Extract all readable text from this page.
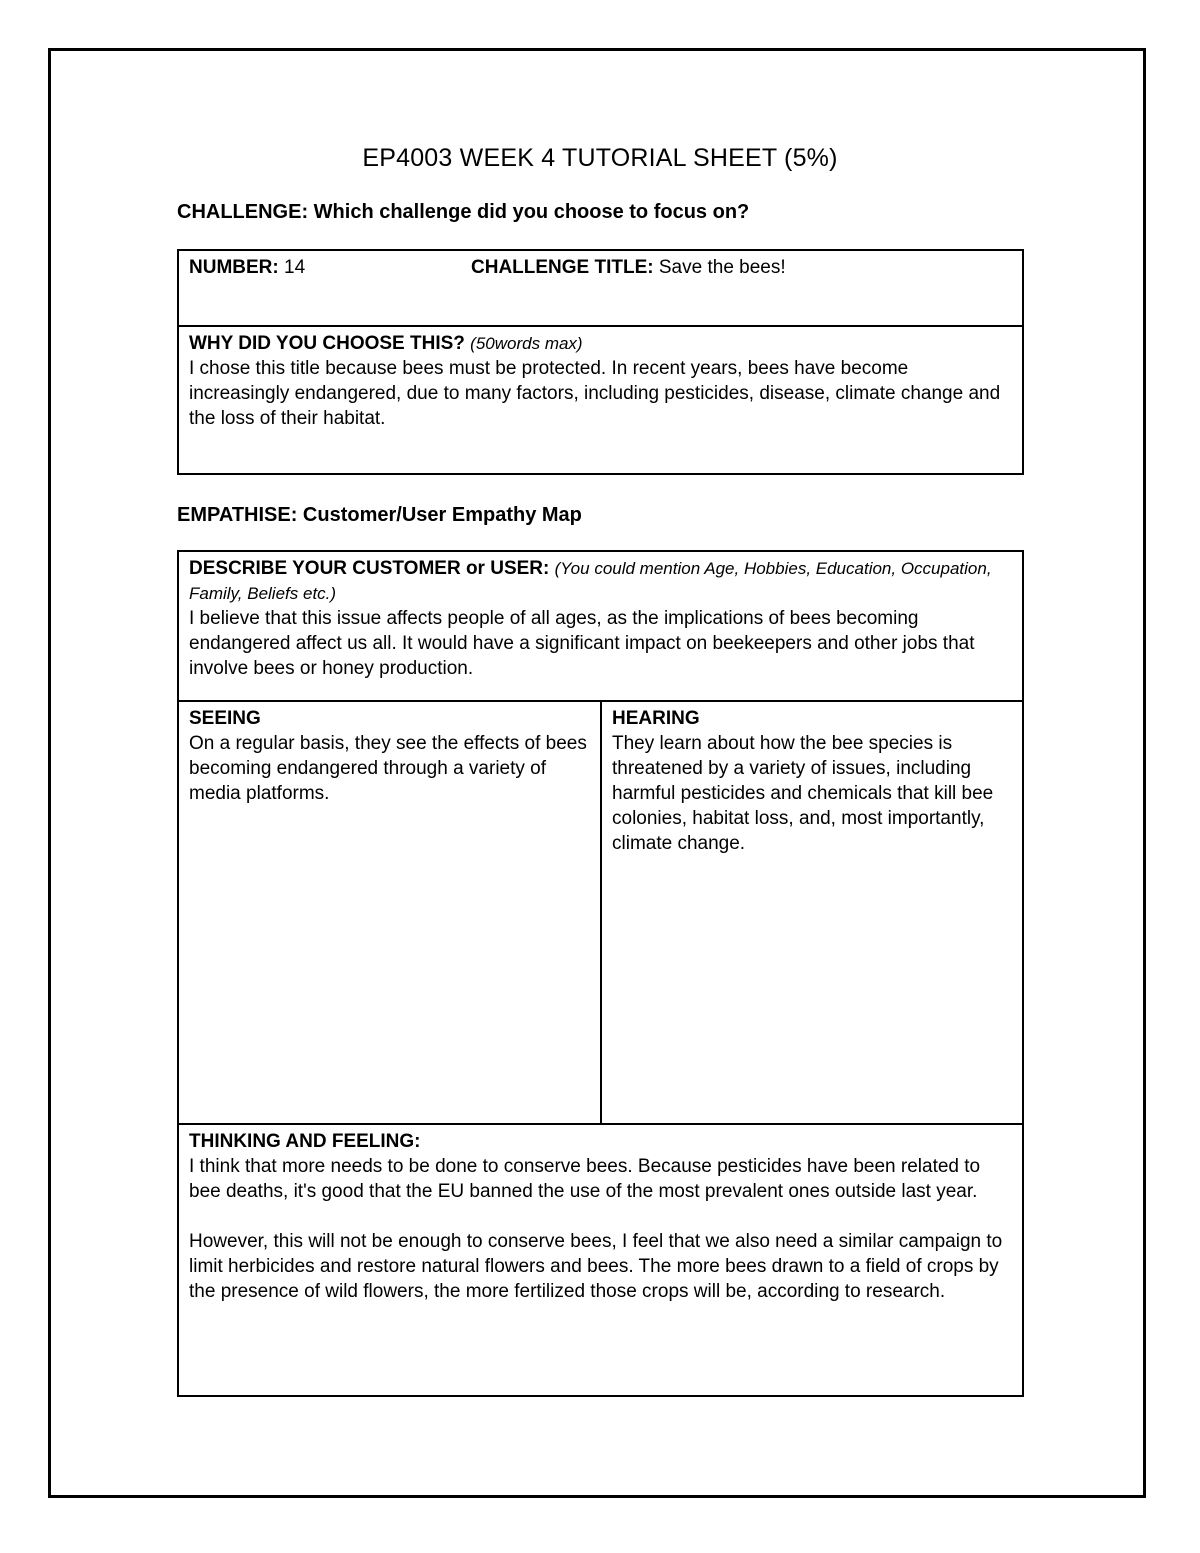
EP4003 WEEK 4 TUTORIAL SHEET (5%)
CHALLENGE: Which challenge did you choose to focus on?
NUMBER: 14	CHALLENGE TITLE: Save the bees!
WHY DID YOU CHOOSE THIS? (50words max)
I chose this title because bees must be protected. In recent years, bees have become increasingly endangered, due to many factors, including pesticides, disease, climate change and the loss of their habitat.
EMPATHISE: Customer/User Empathy Map
DESCRIBE YOUR CUSTOMER or USER: (You could mention Age, Hobbies, Education, Occupation, Family, Beliefs etc.)
I believe that this issue affects people of all ages, as the implications of bees becoming endangered affect us all. It would have a significant impact on beekeepers and other jobs that involve bees or honey production.
SEEING
On a regular basis, they see the effects of bees becoming endangered through a variety of media platforms.
HEARING
They learn about how the bee species is threatened by a variety of issues, including harmful pesticides and chemicals that kill bee colonies, habitat loss, and, most importantly, climate change.
THINKING AND FEELING:

I think that more needs to be done to conserve bees. Because pesticides have been related to bee deaths, it's good that the EU banned the use of the most prevalent ones outside last year.

However, this will not be enough to conserve bees, I feel that we also need a similar campaign to limit herbicides and restore natural flowers and bees. The more bees drawn to a field of crops by the presence of wild flowers, the more fertilized those crops will be, according to research.
